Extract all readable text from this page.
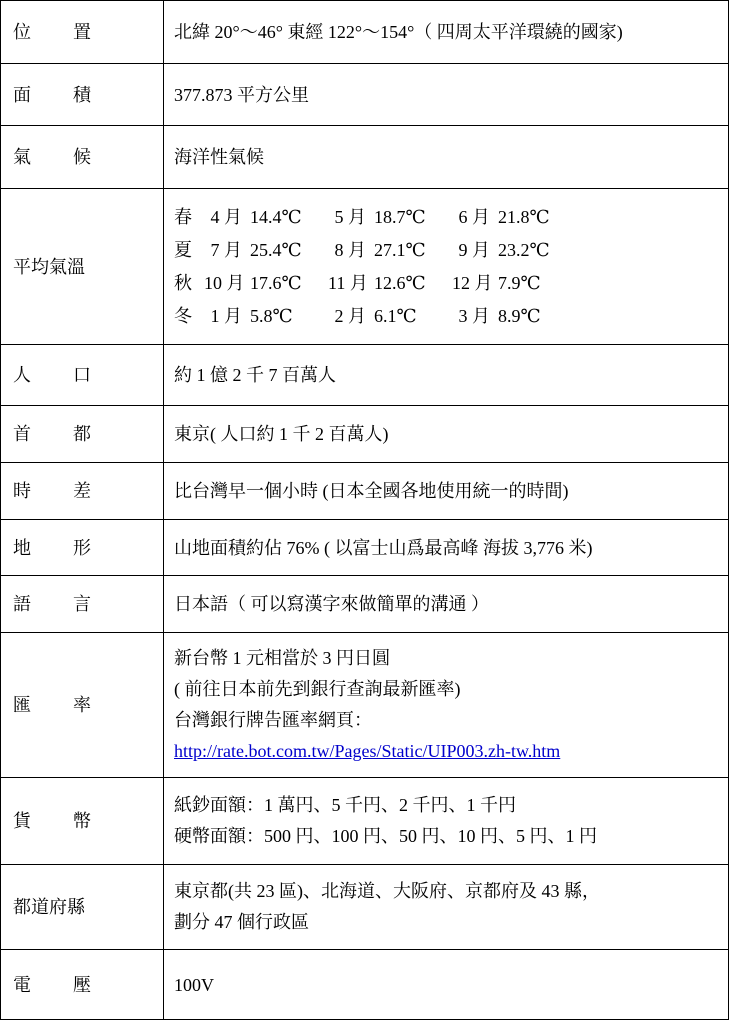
位 置	北緯 20°～46° 東經 122°～154°（ 四周太平洋環繞的國家)
面 積	377.873 平方公里
氣 候	海洋性氣候
平均氣溫	春 4 月 14.4℃ 5 月 18.7℃ 6 月 21.8℃
夏 7 月 25.4℃ 8 月 27.1℃ 9 月 23.2℃
秋 10 月 17.6℃ 11 月 12.6℃ 12 月 7.9℃
冬 1 月 5.8℃ 2 月 6.1℃ 3 月 8.9℃

人 口	約 1 億 2 千 7 百萬人
首 都	東京( 人口約 1 千 2 百萬人)
時 差	比台灣早一個小時 (日本全國各地使用統一的時間)
地 形	山地面積約佔 76% ( 以富士山爲最高峰 海拔 3,776 米)
語 言	日本語（ 可以寫漢字來做簡單的溝通 ）
匯 率	新台幣 1 元相當於 3 円日圓
( 前往日本前先到銀行查詢最新匯率)
台灣銀行牌告匯率網頁：
http://rate.bot.com.tw/Pages/Static/UIP003.zh-tw.htm

貨 幣	紙鈔面額：1 萬円、5 千円、2 千円、1 千円
硬幣面額：500 円、100 円、50 円、10 円、5 円、1 円

都道府縣	東京都(共 23 區)、北海道、大阪府、京都府及 43 縣，
劃分 47 個行政區

電 壓	100V
